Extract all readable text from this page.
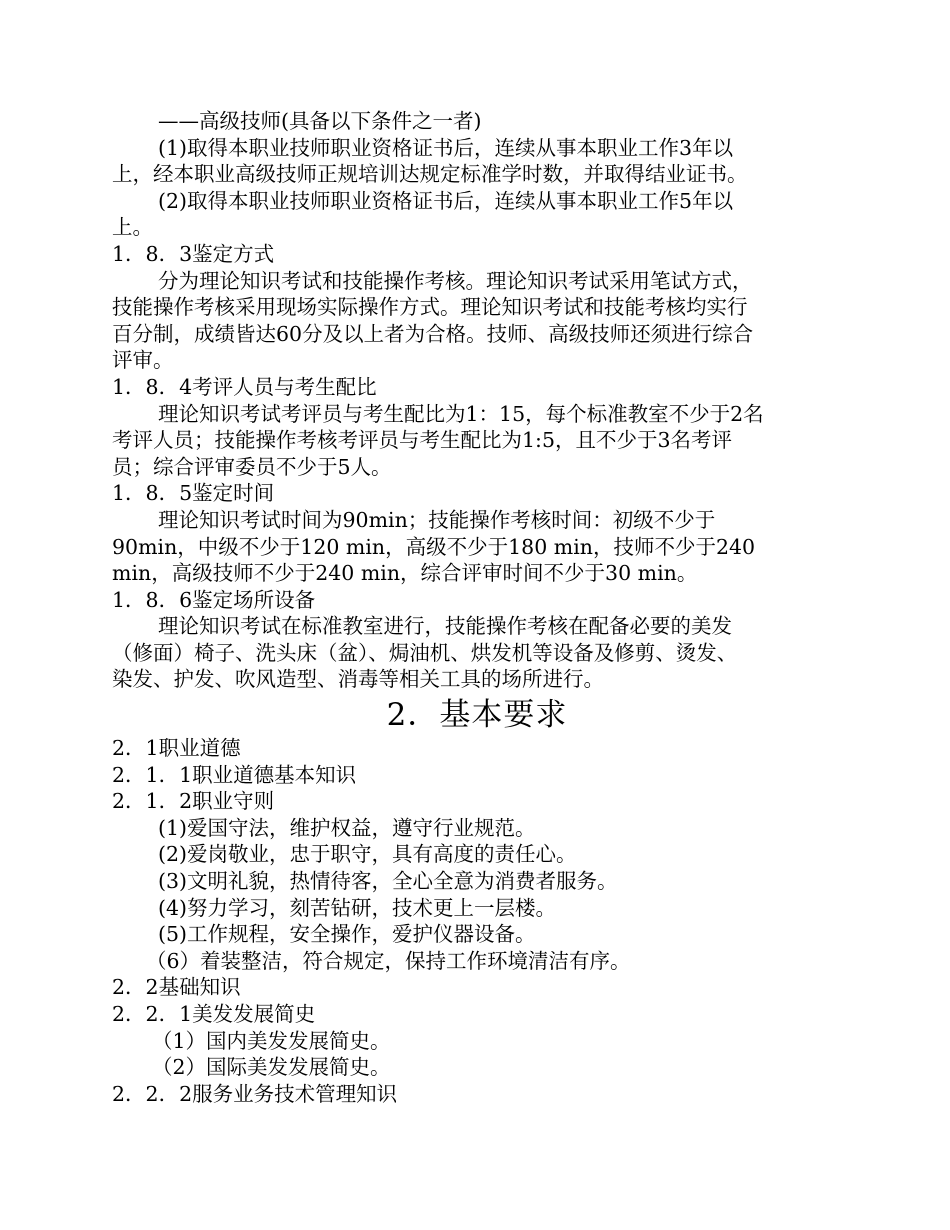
——高级技师(具备以下条件之一者)
(1)取得本职业技师职业资格证书后，连续从事本职业工作3年以
上，经本职业高级技师正规培训达规定标准学时数，并取得结业证书。
(2)取得本职业技师职业资格证书后，连续从事本职业工作5年以
上。
1．8．3鉴定方式
分为理论知识考试和技能操作考核。理论知识考试采用笔试方式，
技能操作考核采用现场实际操作方式。理论知识考试和技能考核均实行
百分制，成绩皆达60分及以上者为合格。技师、高级技师还须进行综合
评审。
1．8．4考评人员与考生配比
理论知识考试考评员与考生配比为1：15，每个标准教室不少于2名
考评人员；技能操作考核考评员与考生配比为1:5，且不少于3名考评
员；综合评审委员不少于5人。
1．8．5鉴定时间
理论知识考试时间为90min；技能操作考核时间：初级不少于
90min，中级不少于120 min，高级不少于180 min，技师不少于240
min，高级技师不少于240 min，综合评审时间不少于30 min。
1．8．6鉴定场所设备
理论知识考试在标准教室进行，技能操作考核在配备必要的美发
（修面）椅子、洗头床（盆）、焗油机、烘发机等设备及修剪、烫发、
染发、护发、吹风造型、消毒等相关工具的场所进行。
2．基本要求
2．1职业道德
2．1．1职业道德基本知识
2．1．2职业守则
(1)爱国守法，维护权益，遵守行业规范。
(2)爱岗敬业，忠于职守，具有高度的责任心。
(3)文明礼貌，热情待客，全心全意为消费者服务。
(4)努力学习，刻苦钻研，技术更上一层楼。
(5)工作规程，安全操作，爱护仪器设备。
（6）着装整洁，符合规定，保持工作环境清洁有序。
2．2基础知识
2．2．1美发发展简史
（1）国内美发发展简史。
（2）国际美发发展简史。
2．2．2服务业务技术管理知识
